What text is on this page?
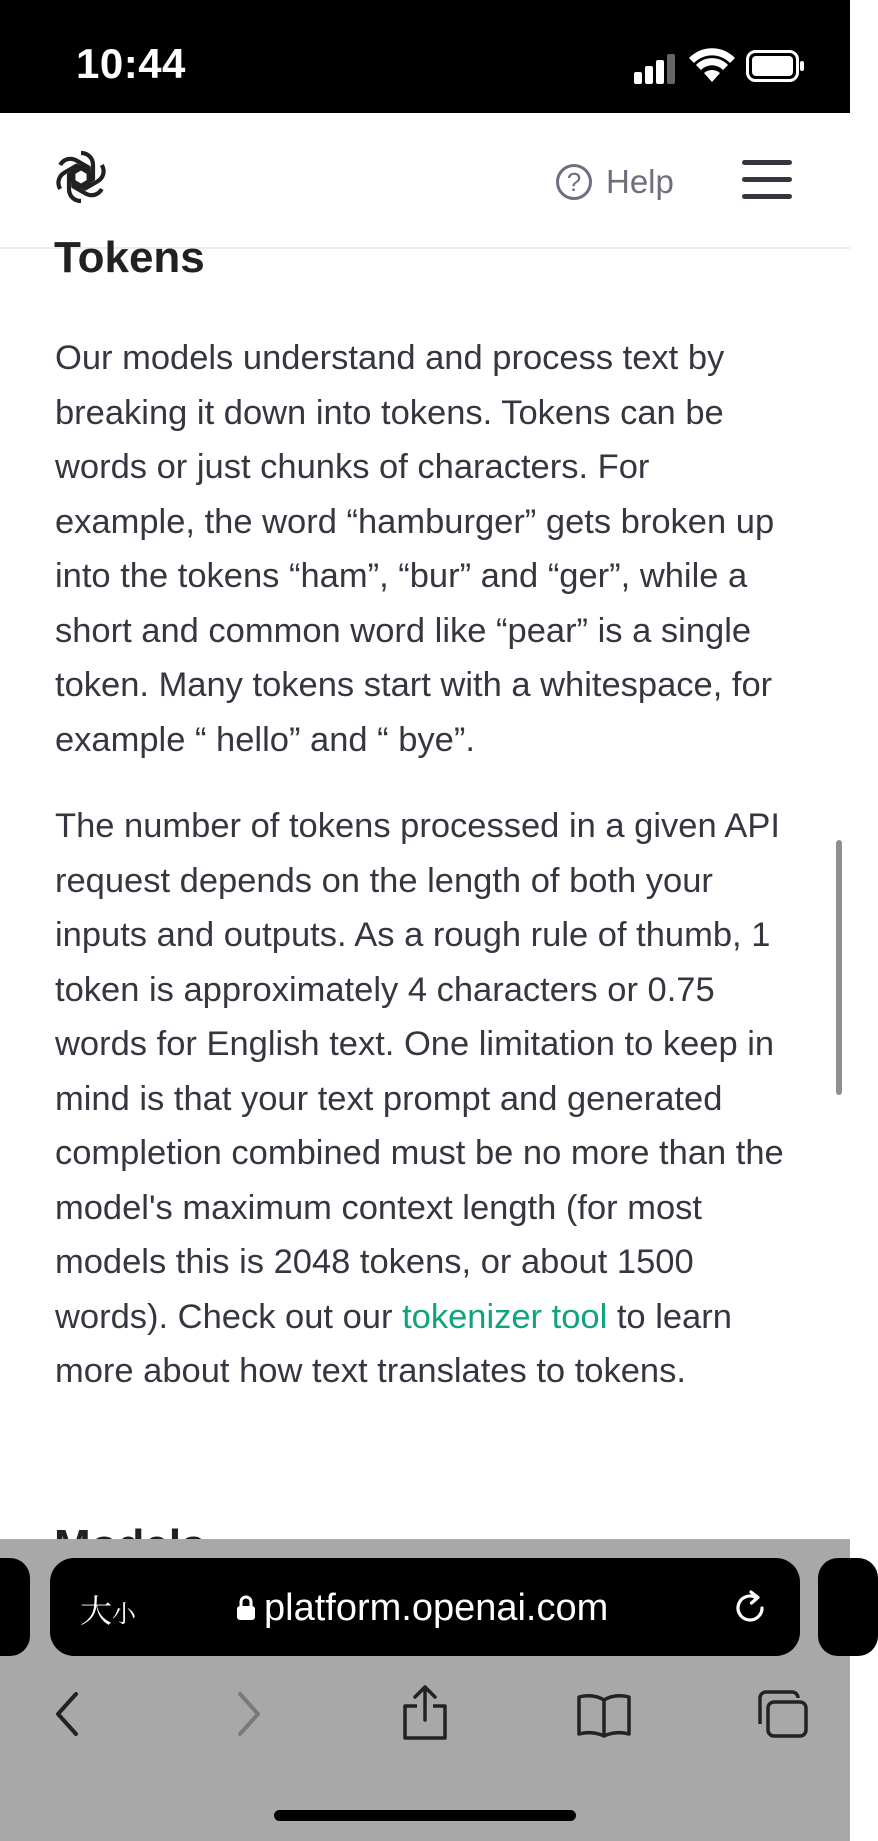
10:44
? Help
Tokens

Our models understand and process text by breaking it down into tokens. Tokens can be words or just chunks of characters. For example, the word “hamburger” gets broken up into the tokens “ham”, “bur” and “ger”, while a short and common word like “pear” is a single token. Many tokens start with a whitespace, for example “ hello” and “ bye”.

The number of tokens processed in a given API request depends on the length of both your inputs and outputs. As a rough rule of thumb, 1 token is approximately 4 characters or 0.75 words for English text. One limitation to keep in mind is that your text prompt and generated completion combined must be no more than the model's maximum context length (for most models this is 2048 tokens, or about 1500 words). Check out our tokenizer tool to learn more about how text translates to tokens.

大小	platform.openai.com
